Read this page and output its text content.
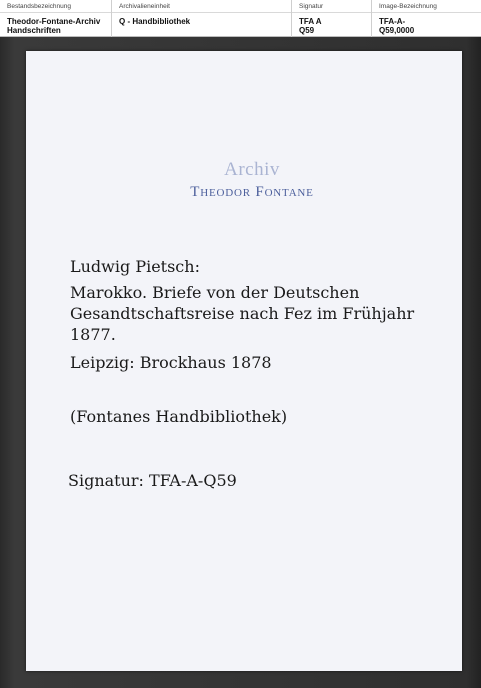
Bestandsbezeichnung
Theodor-Fontane-Archiv
Handschriften
Archivalieneinheit
Q - Handbibliothek
Signatur
TFA A
Q59
Image-Bezeichnung
TFA-A-
Q59,0000
Archiv
Theodor Fontane
Ludwig Pietsch:
Marokko. Briefe von der Deutschen
Gesandtschaftsreise nach Fez im Frühjahr
1877.
Leipzig: Brockhaus 1878
(Fontanes Handbibliothek)
Signatur: TFA-A-Q59
